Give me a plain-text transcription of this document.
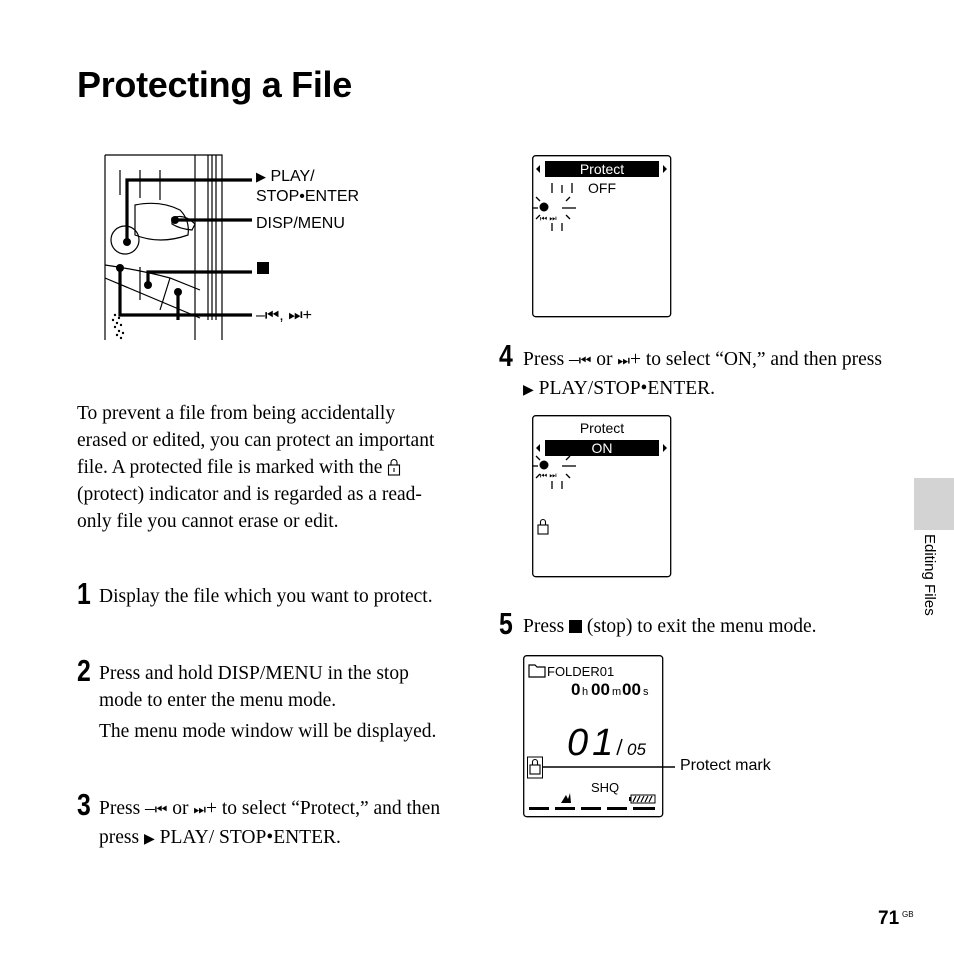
Protecting a File
▶ PLAY/
STOP•ENTER
DISP/MENU
–⏮, ⏭+
To prevent a file from being accidentally erased or edited, you can protect an important file. A protected file is marked with the  (protect) indicator and is regarded as a read-only file you cannot erase or edit.
1 Display the file which you want to protect.
2 Press and hold DISP/MENU in the stop mode to enter the menu mode.
The menu mode window will be displayed.
3 Press –⏮ or ⏭+ to select “Protect,” and then press ▶ PLAY/ STOP•ENTER.
Protect
OFF
⏮ ⏭
4 Press –⏮ or ⏭+ to select “ON,” and then press ▶ PLAY/STOP•ENTER.
Protect
ON
⏮ ⏭
5 Press (stop) to exit the menu mode.
FOLDER01
0 h 00 m 00 s
01 05
SHQ
Protect mark
Editing Files
71 GB
